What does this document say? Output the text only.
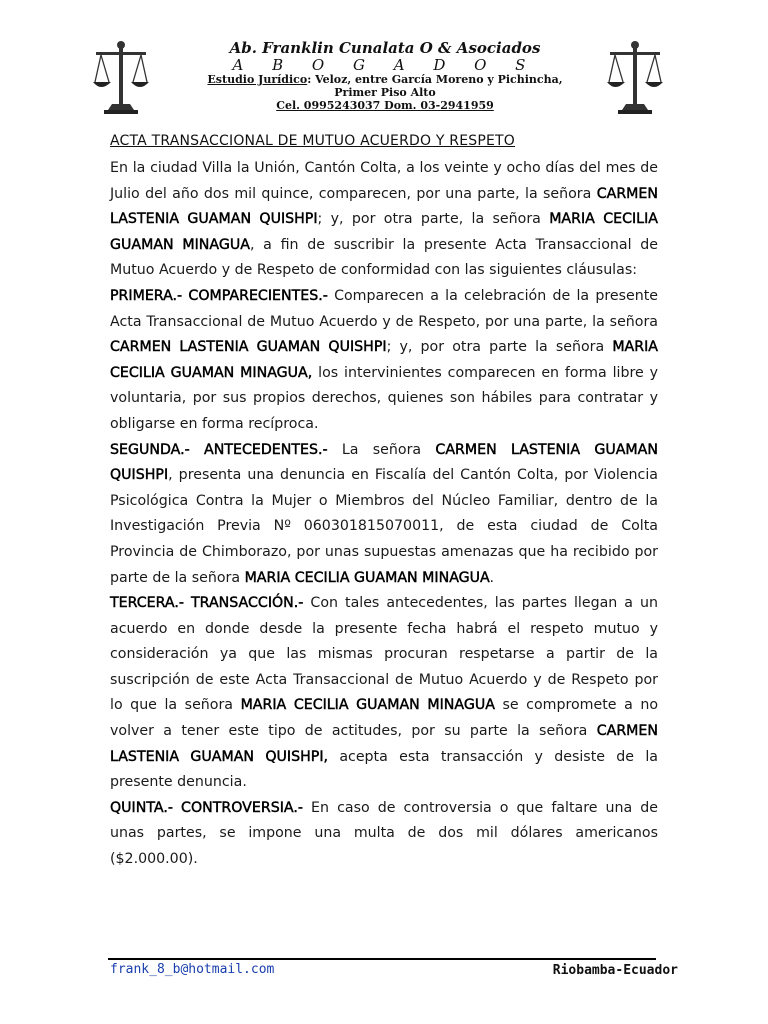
Ab. Franklin Cunalata O & Asociados
A B O G A D O S
Estudio Jurídico: Veloz, entre García Moreno y Pichincha,
Primer Piso Alto
Cel. 0995243037 Dom. 03-2941959
ACTA TRANSACCIONAL DE MUTUO ACUERDO Y RESPETO

En la ciudad Villa la Unión, Cantón Colta, a los veinte y ocho días del mes de Julio del año dos mil quince, comparecen, por una parte, la señora CARMEN LASTENIA GUAMAN QUISHPI; y, por otra parte, la señora MARIA CECILIA GUAMAN MINAGUA, a fin de suscribir la presente Acta Transaccional de Mutuo Acuerdo y de Respeto de conformidad con las siguientes cláusulas:

PRIMERA.- COMPARECIENTES.- Comparecen a la celebración de la presente Acta Transaccional de Mutuo Acuerdo y de Respeto, por una parte, la señora CARMEN LASTENIA GUAMAN QUISHPI; y, por otra parte la señora MARIA CECILIA GUAMAN MINAGUA, los intervinientes comparecen en forma libre y voluntaria, por sus propios derechos, quienes son hábiles para contratar y obligarse en forma recíproca.

SEGUNDA.- ANTECEDENTES.- La señora CARMEN LASTENIA GUAMAN QUISHPI, presenta una denuncia en Fiscalía del Cantón Colta, por Violencia Psicológica Contra la Mujer o Miembros del Núcleo Familiar, dentro de la Investigación Previa Nº 060301815070011, de esta ciudad de Colta Provincia de Chimborazo, por unas supuestas amenazas que ha recibido por parte de la señora MARIA CECILIA GUAMAN MINAGUA.

TERCERA.- TRANSACCIÓN.- Con tales antecedentes, las partes llegan a un acuerdo en donde desde la presente fecha habrá el respeto mutuo y consideración ya que las mismas procuran respetarse a partir de la suscripción de este Acta Transaccional de Mutuo Acuerdo y de Respeto por lo que la señora MARIA CECILIA GUAMAN MINAGUA se compromete a no volver a tener este tipo de actitudes, por su parte la señora CARMEN LASTENIA GUAMAN QUISHPI, acepta esta transacción y desiste de la presente denuncia.

QUINTA.- CONTROVERSIA.- En caso de controversia o que faltare una de unas partes, se impone una multa de dos mil dólares americanos ($2.000.00).

frank_8_b@hotmail.com	Riobamba-Ecuador
